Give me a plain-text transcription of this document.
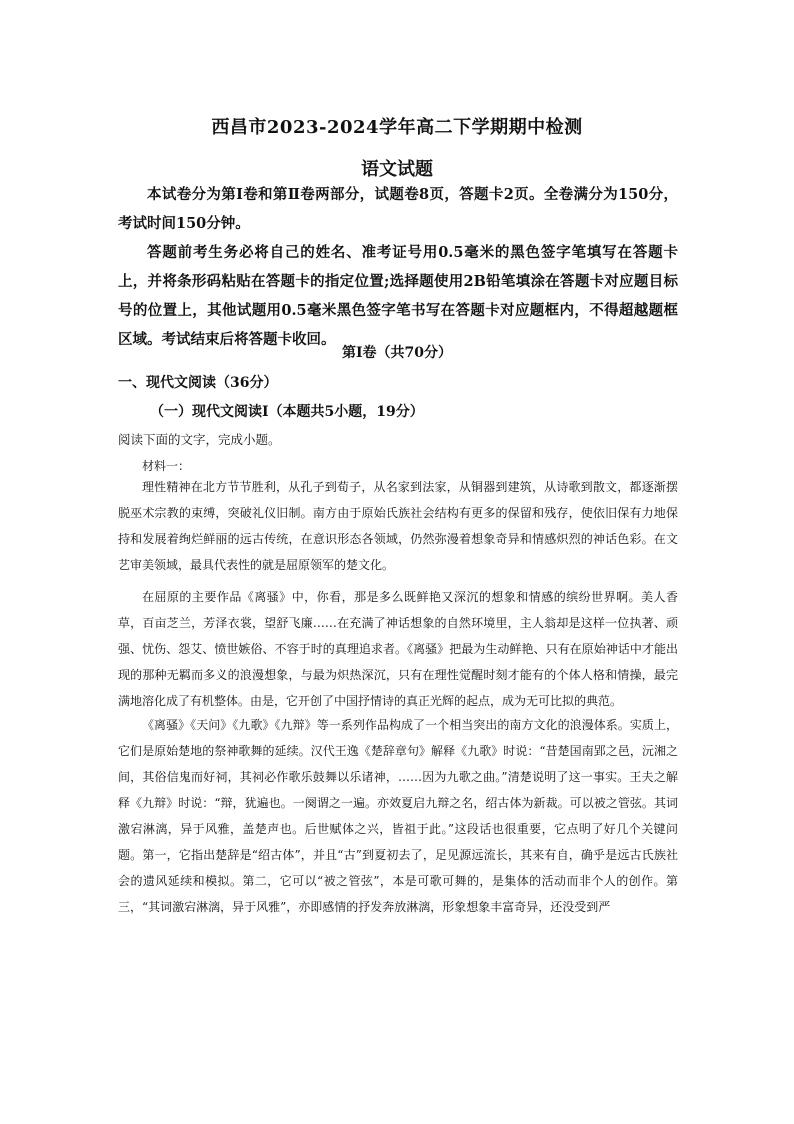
西昌市2023-2024学年高二下学期期中检测
语文试题

本试卷分为第Ⅰ卷和第Ⅱ卷两部分，试题卷8页，答题卡2页。全卷满分为150分，考试时间150分钟。

答题前考生务必将自己的姓名、准考证号用0.5毫米的黑色签字笔填写在答题卡上，并将条形码粘贴在答题卡的指定位置;选择题使用2B铅笔填涂在答题卡对应题目标号的位置上，其他试题用0.5毫米黑色签字笔书写在答题卡对应题框内，不得超越题框区域。考试结束后将答题卡收回。

第Ⅰ卷（共70分）
一、现代文阅读（36分）
（一）现代文阅读Ⅰ（本题共5小题，19分）
阅读下面的文字，完成小题。
材料一：

理性精神在北方节节胜利，从孔子到荀子，从名家到法家，从铜器到建筑，从诗歌到散文，都逐渐摆脱巫术宗教的束缚，突破礼仪旧制。南方由于原始氏族社会结构有更多的保留和残存，使依旧保有力地保持和发展着绚烂鲜丽的远古传统，在意识形态各领域，仍然弥漫着想象奇异和情感炽烈的神话色彩。在文艺审美领域，最具代表性的就是屈原领军的楚文化。

在屈原的主要作品《离骚》中，你看，那是多么既鲜艳又深沉的想象和情感的缤纷世界啊。美人香草，百亩芝兰，芳泽衣裳，望舒飞廉……在充满了神话想象的自然环境里，主人翁却是这样一位执著、顽强、忧伤、怨艾、愤世嫉俗、不容于时的真理追求者。《离骚》把最为生动鲜艳、只有在原始神话中才能出现的那种无羁而多义的浪漫想象，与最为炽热深沉，只有在理性觉醒时刻才能有的个体人格和情操，最完满地溶化成了有机整体。由是，它开创了中国抒情诗的真正光辉的起点，成为无可比拟的典范。

《离骚》《天问》《九歌》《九辩》等一系列作品构成了一个相当突出的南方文化的浪漫体系。实质上，它们是原始楚地的祭神歌舞的延续。汉代王逸《楚辞章句》解释《九歌》时说：“昔楚国南郢之邑，沅湘之间，其俗信鬼而好祠，其祠必作歌乐鼓舞以乐诸神，……因为九歌之曲。”清楚说明了这一事实。王夫之解释《九辩》时说：“辩，犹遍也。一阕谓之一遍。亦效夏启九辩之名，绍古体为新裁。可以被之管弦。其词激宕淋漓，异于风雅，盖楚声也。后世赋体之兴，皆祖于此。”这段话也很重要，它点明了好几个关键问题。第一，它指出楚辞是“绍古体”，并且“古”到夏初去了，足见源远流长，其来有自，确乎是远古氏族社会的遗风延续和模拟。第二，它可以“被之管弦”，本是可歌可舞的，是集体的活动而非个人的创作。第三，“其词激宕淋漓，异于风雅”，亦即感情的抒发奔放淋漓，形象想象丰富奇异，还没受到严
